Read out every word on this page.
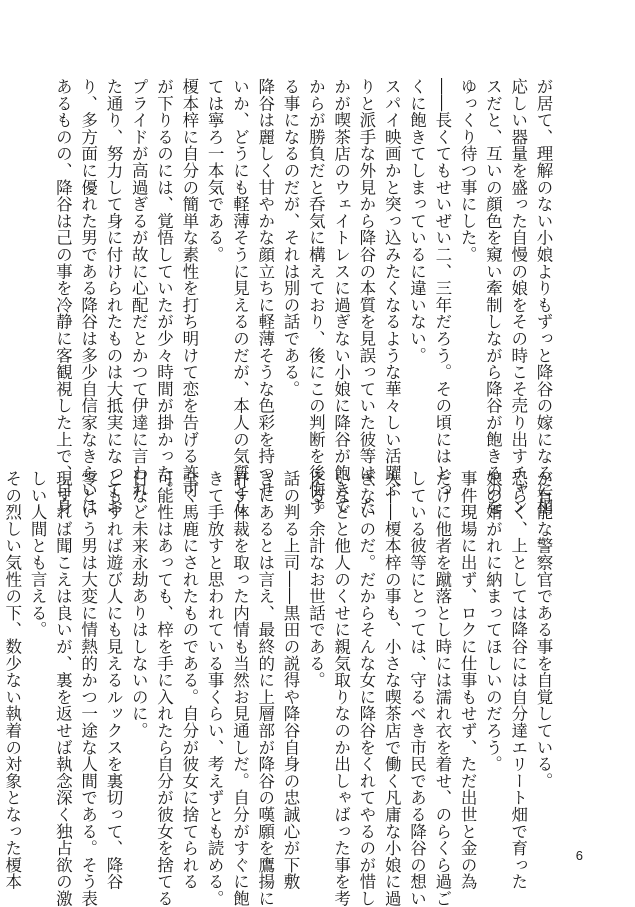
が居て、理解のない小娘よりもずっと降谷の嫁になるに相

応しい器量を盛った自慢の娘をその時こそ売り出すチャン

スだと、互いの顔色を窺い牽制しながら降谷が飽きるのを

ゆっくり待つ事にした。

――長くてもせいぜい二、三年だろう。その頃にはとっ

くに飽きてしまっているに違いない。

スパイ映画かと突っ込みたくなるような華々しい活躍ぶ

りと派手な外見から降谷の本質を見誤っていた彼等は、た

かが喫茶店のウェイトレスに過ぎない小娘に降谷が飽きて

からが勝負だと呑気に構えており、後にこの判断を後悔す

る事になるのだが、それは別の話である。

降谷は麗しく甘やかな顔立ちに軽薄そうな色彩を持つせ

いか、どうにも軽薄そうに見えるのだが、本人の気質とし

ては寧ろ一本気である。

榎本梓に自分の簡単な素性を打ち明けて恋を告げる許可

が下りるのには、覚悟していたが少々時間が掛かった。

プライドが高過ぎるが故に心配だとかつて伊達に言われ

た通り、努力して身に付けられたものは大抵実になってお

り、多方面に優れた男である降谷は多少自信家なきらいは

あるものの、降谷は己の事を冷静に客観視した上で、自身

が有能な警察官である事を自覚している。

恐らく、上としては降谷には自分達エリート畑で育った

娘の婿がれに納まってほしいのだろう。

事件現場に出ず、ロクに仕事もせず、ただ出世と金の為

だけに他者を蹴落とし時には濡れ衣を着せ、のらくら過ご

している彼等にとっては、守るべき市民である降谷の想い

人――榎本梓の事も、小さな喫茶店で働く凡庸な小娘に過

ぎないのだ。だからそんな女に降谷をくれてやるのが惜し

いなどと他人のくせに親気取りなのか出しゃばった事を考

える。余計なお世話である。

話の判る上司――黒田の説得や降谷自身の忠誠心が下敷

きにあるとは言え、最終的に上層部が降谷の嘆願を鷹揚に

許す体裁を取った内情も当然お見通しだ。自分がすぐに飽

きて手放すと思われている事くらい、考えずとも読める。

全く馬鹿にされたものである。自分が彼女に捨てられる

可能性はあっても、梓を手に入れたら自分が彼女を捨てる

日など未来永劫ありはしないのに。

ともすれば遊び人にも見えるルックスを裏切って、降谷

零という男は大変に情熱的かつ一途な人間である。そう表

現すれば聞こえは良いが、裏を返せば執念深く独占欲の激

しい人間とも言える。

その烈しい気性の下、数少ない執着の対象となった榎本	6
